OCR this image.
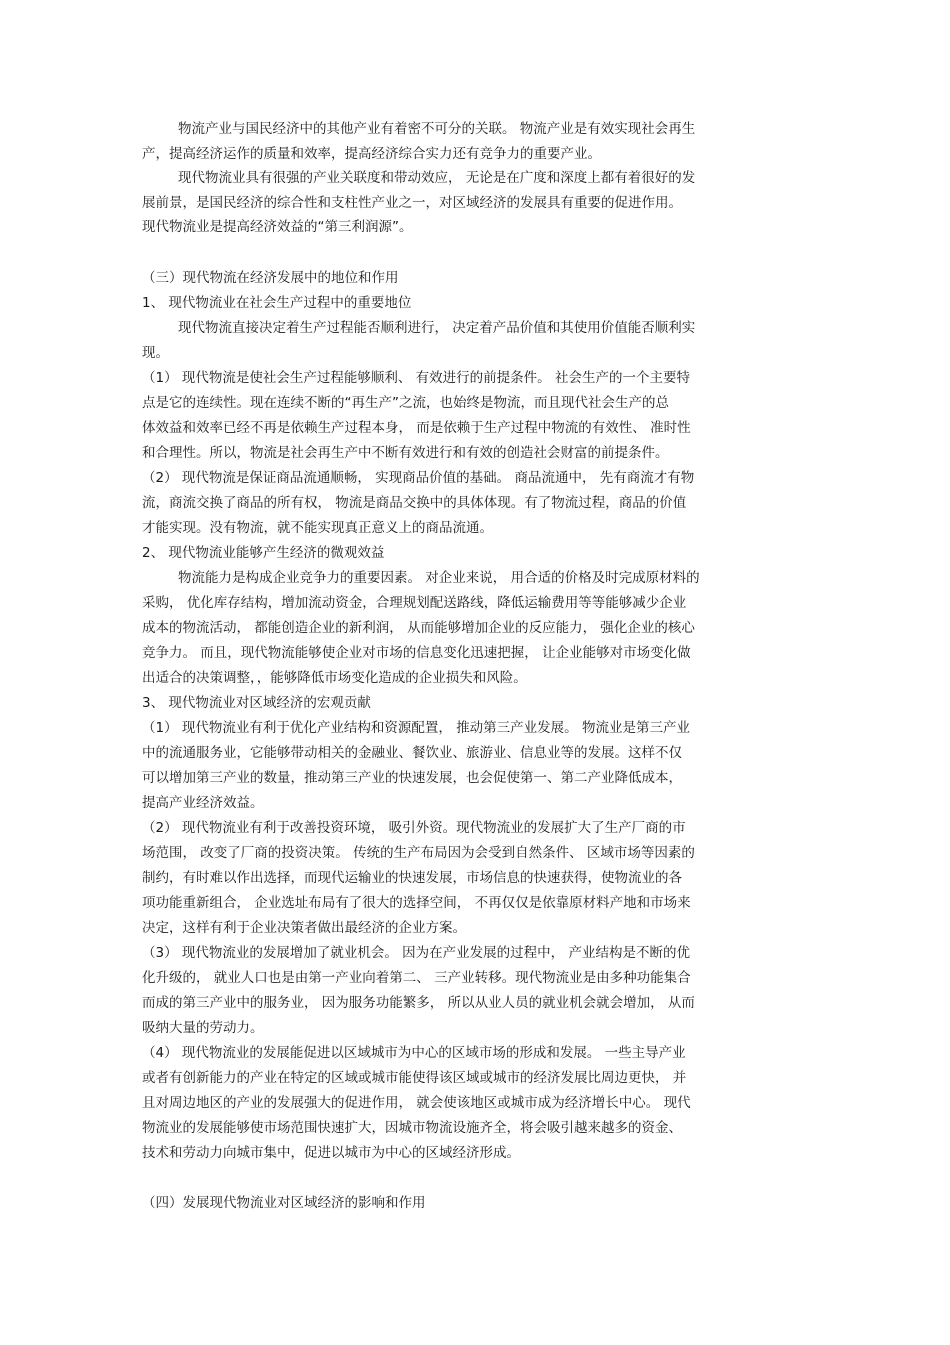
物流产业与国民经济中的其他产业有着密不可分的关联。 物流产业是有效实现社会再生
产，提高经济运作的质量和效率，提高经济综合实力还有竞争力的重要产业。
现代物流业具有很强的产业关联度和带动效应， 无论是在广度和深度上都有着很好的发
展前景，是国民经济的综合性和支柱性产业之一，对区域经济的发展具有重要的促进作用。
现代物流业是提高经济效益的“第三利润源”。
（三）现代物流在经济发展中的地位和作用
1、 现代物流业在社会生产过程中的重要地位
现代物流直接决定着生产过程能否顺利进行， 决定着产品价值和其使用价值能否顺利实
现。
（1） 现代物流是使社会生产过程能够顺利、 有效进行的前提条件。 社会生产的一个主要特
点是它的连续性。现在连续不断的“再生产”之流，也始终是物流，而且现代社会生产的总
体效益和效率已经不再是依赖生产过程本身， 而是依赖于生产过程中物流的有效性、 准时性
和合理性。所以，物流是社会再生产中不断有效进行和有效的创造社会财富的前提条件。
（2） 现代物流是保证商品流通顺畅， 实现商品价值的基础。 商品流通中， 先有商流才有物
流，商流交换了商品的所有权， 物流是商品交换中的具体体现。有了物流过程，商品的价值
才能实现。没有物流，就不能实现真正意义上的商品流通。
2、 现代物流业能够产生经济的微观效益
物流能力是构成企业竞争力的重要因素。 对企业来说， 用合适的价格及时完成原材料的
采购， 优化库存结构，增加流动资金，合理规划配送路线，降低运输费用等等能够减少企业
成本的物流活动， 都能创造企业的新利润， 从而能够增加企业的反应能力， 强化企业的核心
竞争力。 而且，现代物流能够使企业对市场的信息变化迅速把握， 让企业能够对市场变化做
出适合的决策调整，，能够降低市场变化造成的企业损失和风险。
3、 现代物流业对区域经济的宏观贡献
（1） 现代物流业有利于优化产业结构和资源配置， 推动第三产业发展。 物流业是第三产业
中的流通服务业，它能够带动相关的金融业、餐饮业、旅游业、信息业等的发展。这样不仅
可以增加第三产业的数量，推动第三产业的快速发展，也会促使第一、第二产业降低成本，
提高产业经济效益。
（2） 现代物流业有利于改善投资环境， 吸引外资。现代物流业的发展扩大了生产厂商的市
场范围， 改变了厂商的投资决策。 传统的生产布局因为会受到自然条件、 区域市场等因素的
制约，有时难以作出选择，而现代运输业的快速发展，市场信息的快速获得，使物流业的各
项功能重新组合， 企业选址布局有了很大的选择空间， 不再仅仅是依靠原材料产地和市场来
决定，这样有利于企业决策者做出最经济的企业方案。
（3） 现代物流业的发展增加了就业机会。 因为在产业发展的过程中， 产业结构是不断的优
化升级的， 就业人口也是由第一产业向着第二、 三产业转移。现代物流业是由多种功能集合
而成的第三产业中的服务业， 因为服务功能繁多， 所以从业人员的就业机会就会增加， 从而
吸纳大量的劳动力。
（4） 现代物流业的发展能促进以区域城市为中心的区域市场的形成和发展。 一些主导产业
或者有创新能力的产业在特定的区域或城市能使得该区域或城市的经济发展比周边更快， 并
且对周边地区的产业的发展强大的促进作用， 就会使该地区或城市成为经济增长中心。 现代
物流业的发展能够使市场范围快速扩大，因城市物流设施齐全，将会吸引越来越多的资金、
技术和劳动力向城市集中，促进以城市为中心的区域经济形成。
（四）发展现代物流业对区域经济的影响和作用
